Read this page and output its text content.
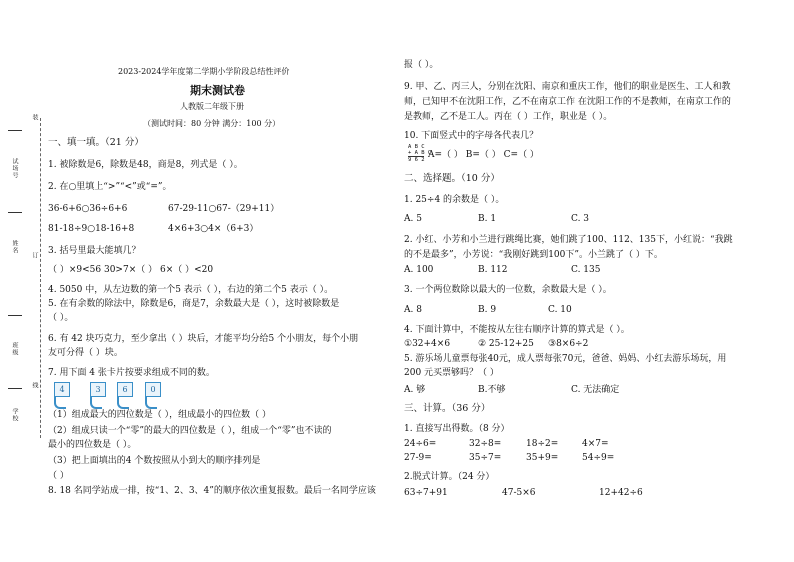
装
订
线
试场号
姓名
班级
学校
2023-2024学年度第二学期小学阶段总结性评价
期末测试卷
人教版二年级下册
（测试时间：80 分钟 满分：100 分）
一、填一填。（21 分）
1. 被除数是6，除数是48，商是8，列式是（ ）。
2. 在○里填上“>”“<”或“=”。
36-6+6○36÷6+6	67-29-11○67-（29+11）
81-18÷9○18-16+8	4×6+3○4×（6+3）
3. 括号里最大能填几？
（ ）×9<56 30>7×（ ） 6×（ ）<20
4. 5050 中，从左边数的第一个5 表示（ ），右边的第二个5 表示（ ）。
5. 在有余数的除法中，除数是6，商是7，余数最大是（ ），这时被除数是
（ ）。
6. 有 42 块巧克力，至少拿出（ ）块后，才能平均分给5 个小朋友，每个小朋
友可分得（ ）块。
7. 用下面 4 张卡片按要求组成不同的数。
4	3	6	0
（1）组成最大的四位数是（ ），组成最小的四位数（ ）
（2）组成只读一个“零”的最大的四位数是（ ），组成一个“零”也不读的
最小的四位数是（ ）。
（3）把上面填出的4 个数按照从小到大的顺序排列是
（ ）
8. 18 名同学站成一排，按“1、2、3、4”的顺序依次重复报数。最后一名同学应该
报（ ）。
9. 甲、乙、丙三人，分别在沈阳、南京和重庆工作，他们的职业是医生、工人和教
师，已知甲不在沈阳工作，乙不在南京工作 在沈阳工作的不是教师，在南京工作的
是教师，乙不是工人。丙在（ ）工作，职业是（ ）。
10. 下面竖式中的字母各代表几？
A B C
+ A B C
9 6 2 A=（ ） B=（ ） C=（ ）
二、选择题。（10 分）
1. 25÷4 的余数是（ ）。
A. 5	B. 1	C. 3
2. 小红、小芳和小兰进行跳绳比赛，她们跳了100、112、135下，小红说：“我跳
的不是最多”，小芳说：“我刚好跳到100下”。小兰跳了（ ）下。
A. 100	B. 112	C. 135
3. 一个两位数除以最大的一位数，余数最大是（ ）。
A. 8	B. 9	C. 10
4. 下面计算中，不能按从左往右顺序计算的算式是（ ）。
①32+4×6	② 25-12+25 ③8×6÷2
5. 游乐场儿童票每张40元，成人票每张70元，爸爸、妈妈、小红去游乐场玩，用
200 元买票够吗？（ ）
A. 够	B.不够	C. 无法确定
三、计算。（36 分）
1. 直接写出得数。（8 分）
24÷6=	32÷8=	18÷2=	4×7=
27-9=	35÷7=	35+9=	54÷9=
2.脱式计算。（24 分）
63÷7+91	47-5×6	12+42÷6
